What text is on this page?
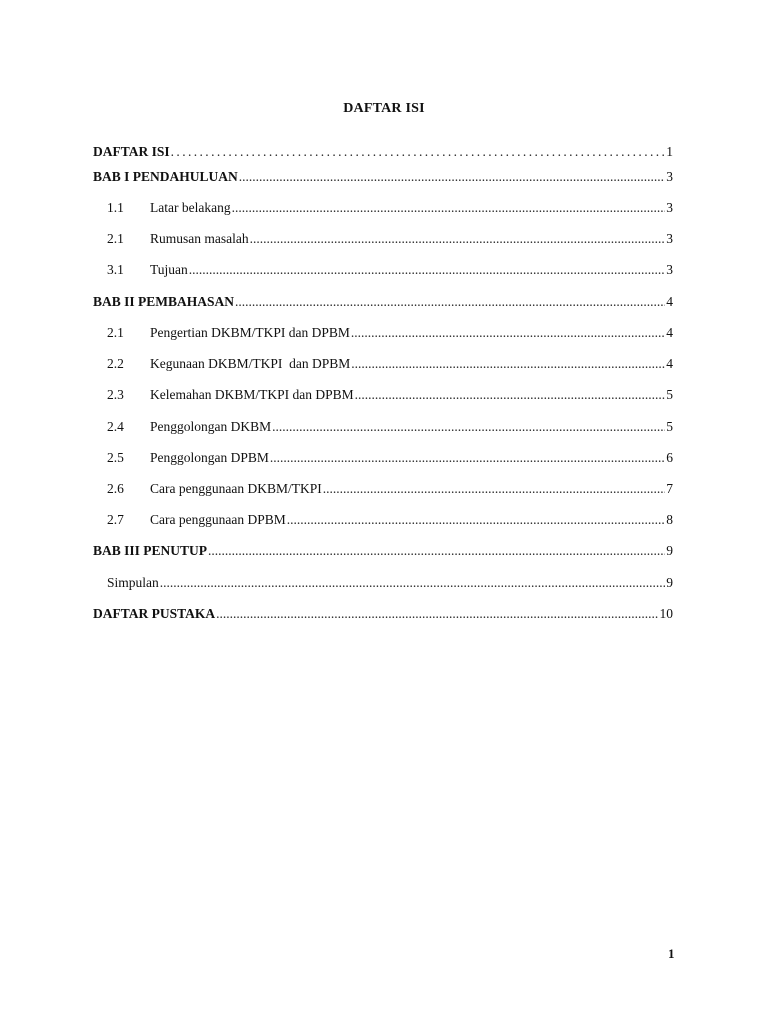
DAFTAR ISI
DAFTAR ISI .....	1
BAB I PENDAHULUAN .....	3
1.1	Latar belakang .....	3
2.1	Rumusan masalah .....	3
3.1	Tujuan .....	3
BAB II PEMBAHASAN .....	4
2.1	Pengertian DKBM/TKPI dan DPBM .....	4
2.2	Kegunaan DKBM/TKPI  dan DPBM .....	4
2.3	Kelemahan DKBM/TKPI dan DPBM .....	5
2.4	Penggolongan DKBM .....	5
2.5	Penggolongan DPBM .....	6
2.6	Cara penggunaan DKBM/TKPI .....	7
2.7	Cara penggunaan DPBM .....	8
BAB III PENUTUP .....	9
Simpulan .....	9
DAFTAR PUSTAKA .....	10
1
